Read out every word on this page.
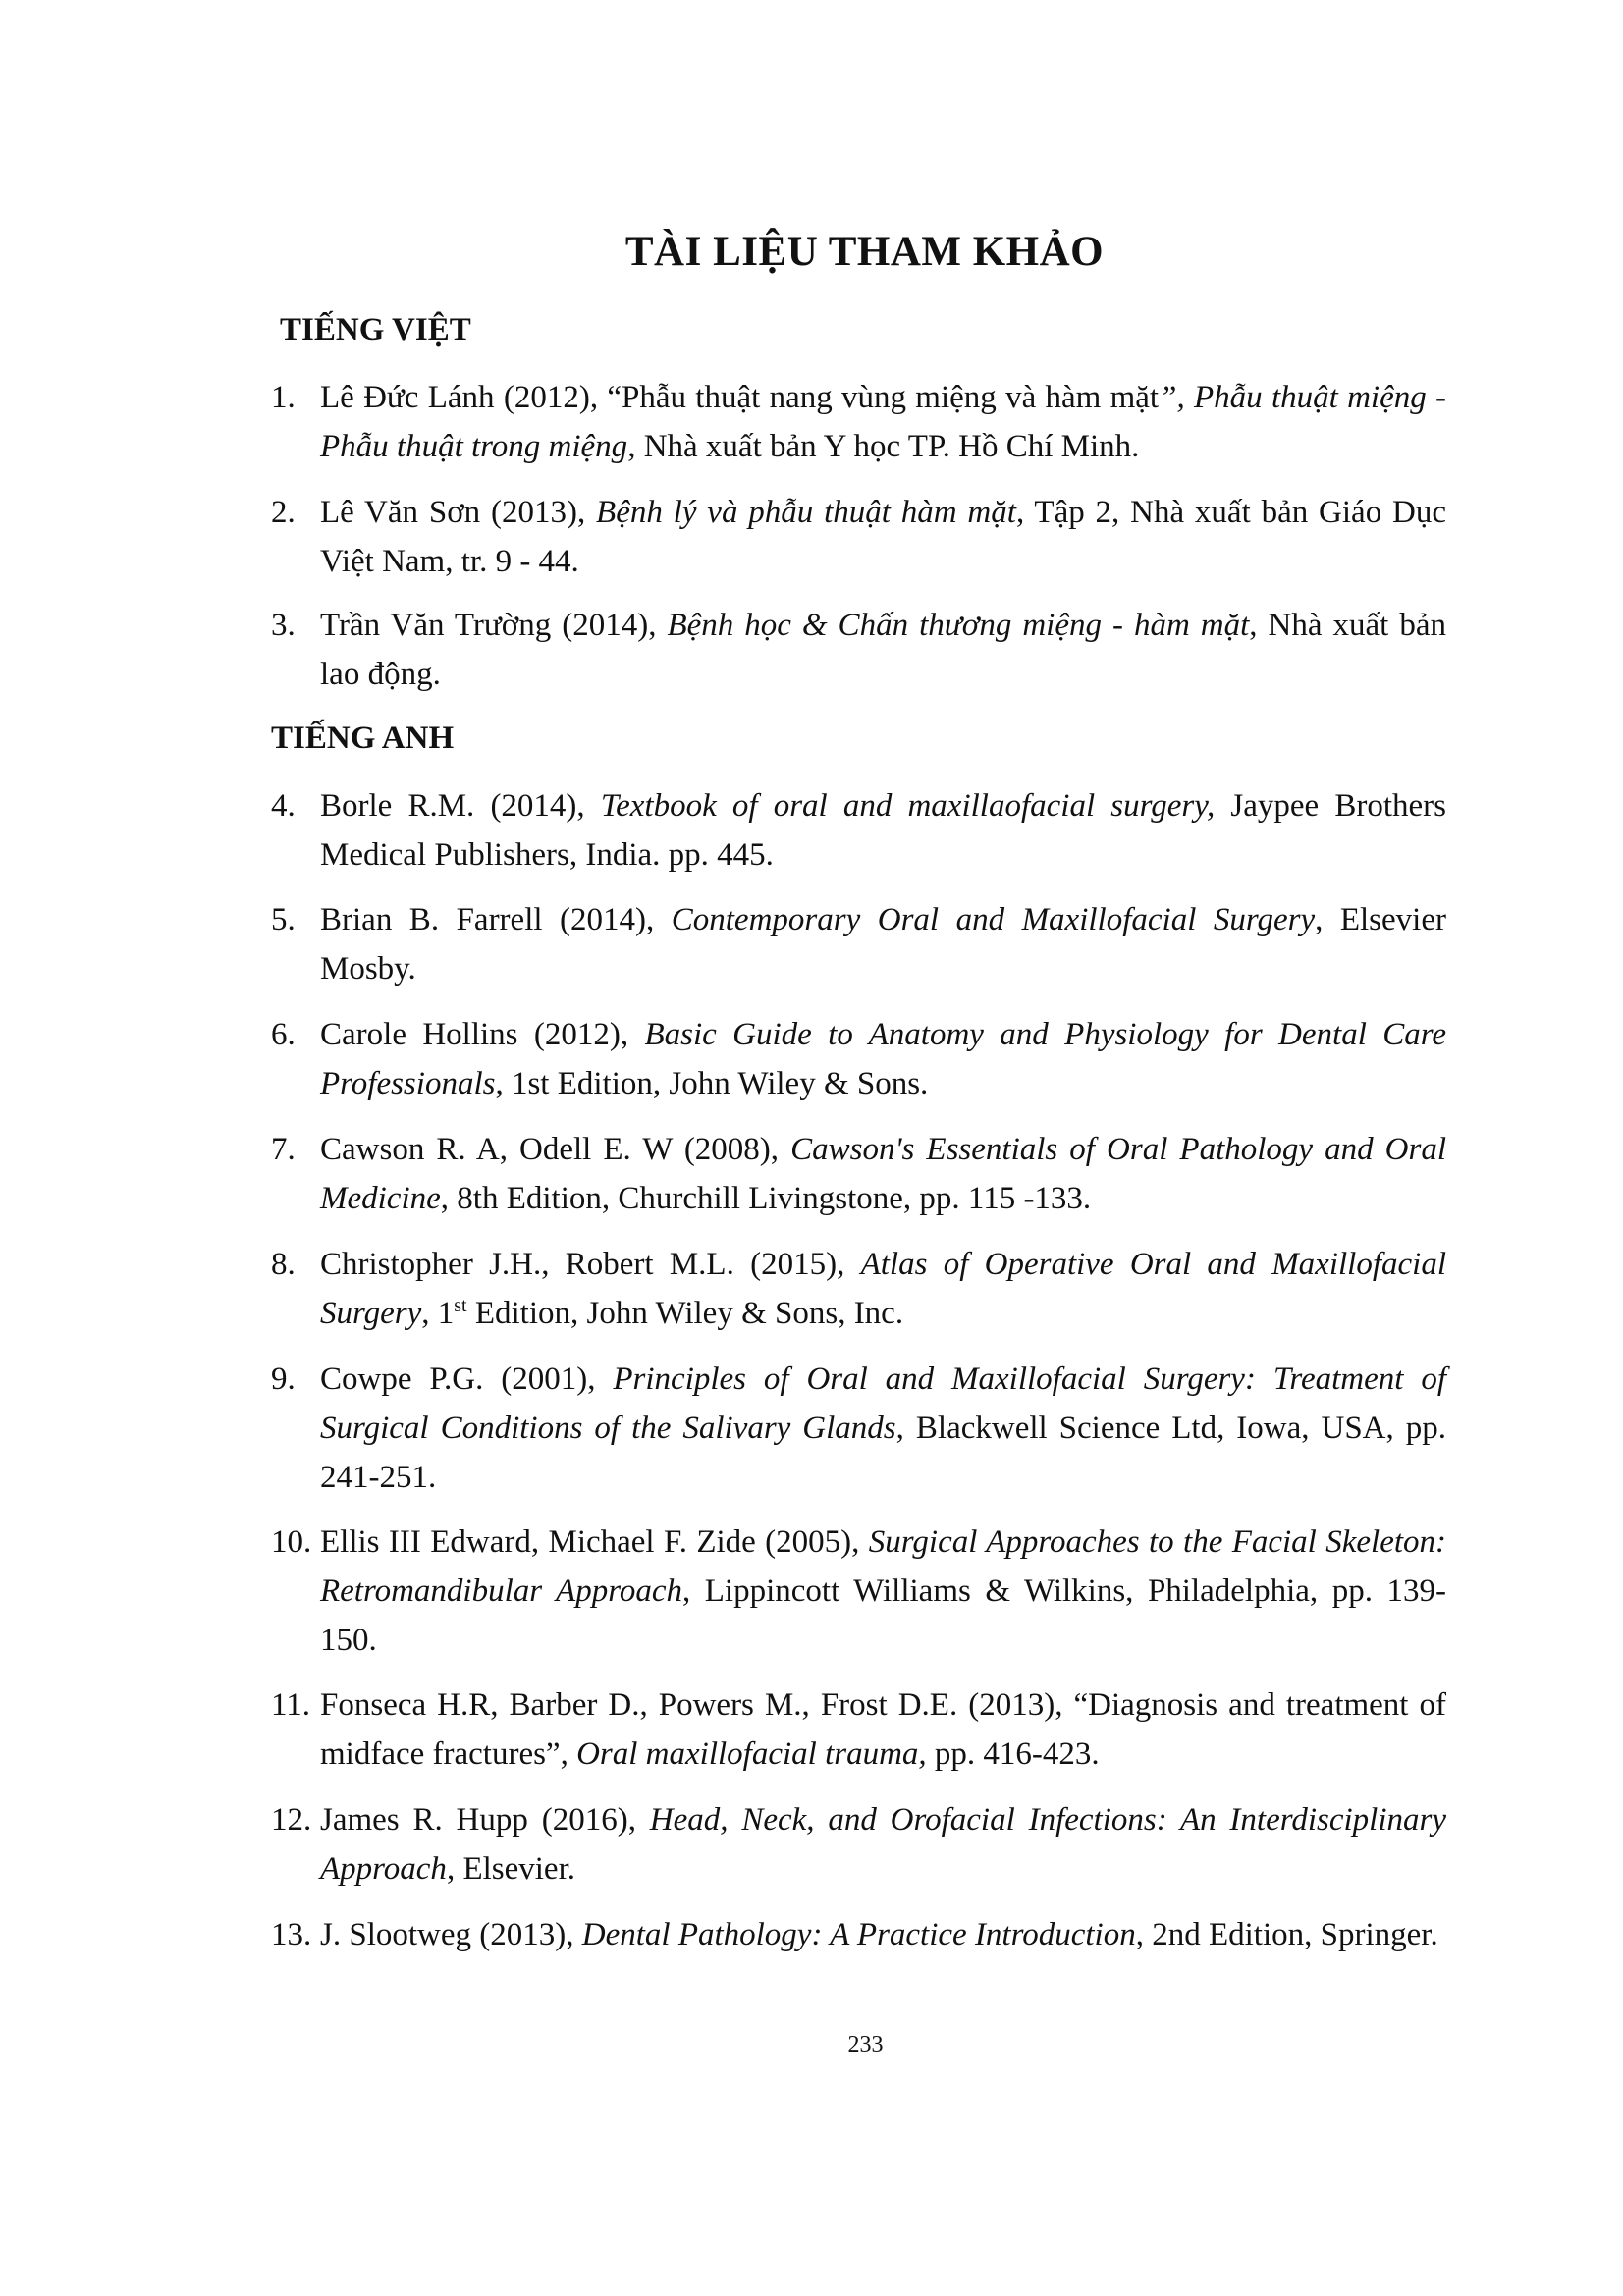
TÀI LIỆU THAM KHẢO
TIẾNG VIỆT
TIẾNG ANH
1. Lê Đức Lánh (2012), “Phẫu thuật nang vùng miệng và hàm mặt”, Phẫu thuật miệng - Phẫu thuật trong miệng, Nhà xuất bản Y học TP. Hồ Chí Minh.
2. Lê Văn Sơn (2013), Bệnh lý và phẫu thuật hàm mặt, Tập 2, Nhà xuất bản Giáo Dục Việt Nam, tr. 9 - 44.
3. Trần Văn Trường (2014), Bệnh học & Chấn thương miệng - hàm mặt, Nhà xuất bản lao động.
4. Borle R.M. (2014), Textbook of oral and maxillaofacial surgery, Jaypee Brothers Medical Publishers, India. pp. 445.
5. Brian B. Farrell (2014), Contemporary Oral and Maxillofacial Surgery, Elsevier Mosby.
6. Carole Hollins (2012), Basic Guide to Anatomy and Physiology for Dental Care Professionals, 1st Edition, John Wiley & Sons.
7. Cawson R. A, Odell E. W (2008), Cawson's Essentials of Oral Pathology and Oral Medicine, 8th Edition, Churchill Livingstone, pp. 115 -133.
8. Christopher J.H., Robert M.L. (2015), Atlas of Operative Oral and Maxillofacial Surgery, 1st Edition, John Wiley & Sons, Inc.
9. Cowpe P.G. (2001), Principles of Oral and Maxillofacial Surgery: Treatment of Surgical Conditions of the Salivary Glands, Blackwell Science Ltd, Iowa, USA, pp. 241-251.
10. Ellis III Edward, Michael F. Zide (2005), Surgical Approaches to the Facial Skeleton: Retromandibular Approach, Lippincott Williams & Wilkins, Philadelphia, pp. 139-150.
11. Fonseca H.R, Barber D., Powers M., Frost D.E. (2013), “Diagnosis and treatment of midface fractures”, Oral maxillofacial trauma, pp. 416-423.
12. James R. Hupp (2016), Head, Neck, and Orofacial Infections: An Interdisciplinary Approach, Elsevier.
13. J. Slootweg (2013), Dental Pathology: A Practice Introduction, 2nd Edition, Springer.
233
